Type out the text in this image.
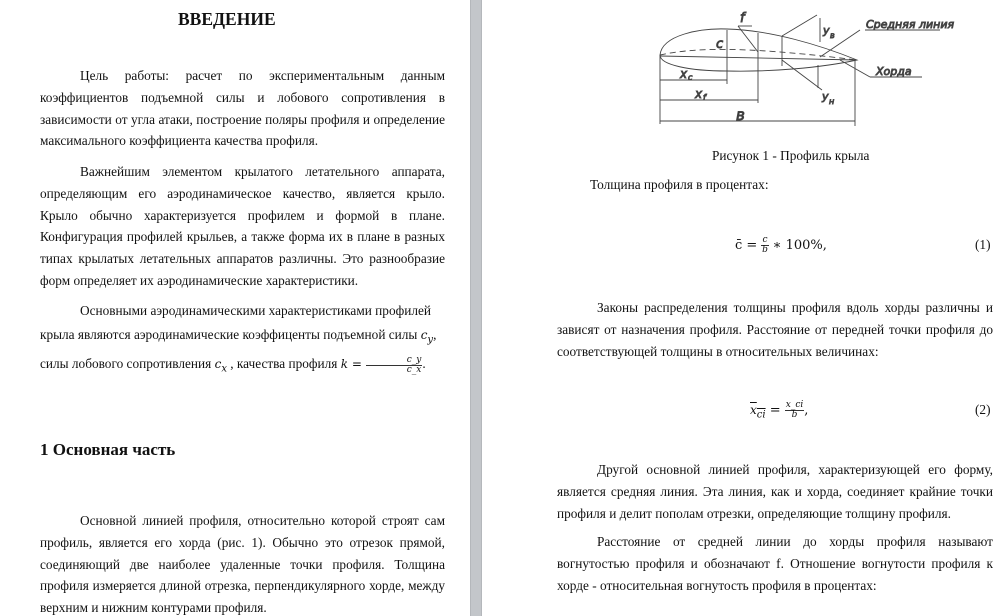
ВВЕДЕНИЕ
Цель работы: расчет по экспериментальным данным коэффициентов подъемной силы и лобового сопротивления в зависимости от угла атаки, построение поляры профиля и определение максимального коэффициента качества профиля.
Важнейшим элементом крылатого летательного аппарата, определяющим его аэродинамическое качество, является крыло. Крыло обычно характеризуется профилем и формой в плане. Конфигурация профилей крыльев, а также форма их в плане в разных типах крылатых летательных аппаратов различны. Это разнообразие форм определяет их аэродинамические характеристики.
Основными аэродинамическими характеристиками профилей крыла являются аэродинамические коэффиценты подъемной силы $c_y$, силы лобового сопротивления $c_x$ , качества профиля $k = \frac{c\_y}{c\_x}$ .
1 Основная часть
Основной линией профиля, относительно которой строят сам профиль, является его хорда (рис. 1). Обычно это отрезок прямой, соединяющий две наиболее удаленные точки профиля. Толщина профиля измеряется длиной отрезка, перпендикулярного хорде, между верхним и нижним контурами профиля.
f
c
y в
y н
Средняя линия
Хорда
x c
x f
в
Рисунок 1 - Профиль крыла
Толщина профиля в процентах:
c̄ = $\frac{c}{b}$ ∗ 100%,	(1)
Законы распределения толщины профиля вдоль хорды различны и зависят от назначения профиля. Расстояние от передней точки профиля до соответствующей толщины в относительных величинах:
$x_{ci} = \frac{x\_ci}{b}$ ,	(2)
Другой основной линией профиля, характеризующей его форму, является средняя линия. Эта линия, как и хорда, соединяет крайние точки профиля и делит пополам отрезки, определяющие толщину профиля.
Расстояние от средней линии до хорды профиля называют вогнутостью профиля и обозначают f. Отношение вогнутости профиля к хорде - относительная вогнутость профиля в процентах:
